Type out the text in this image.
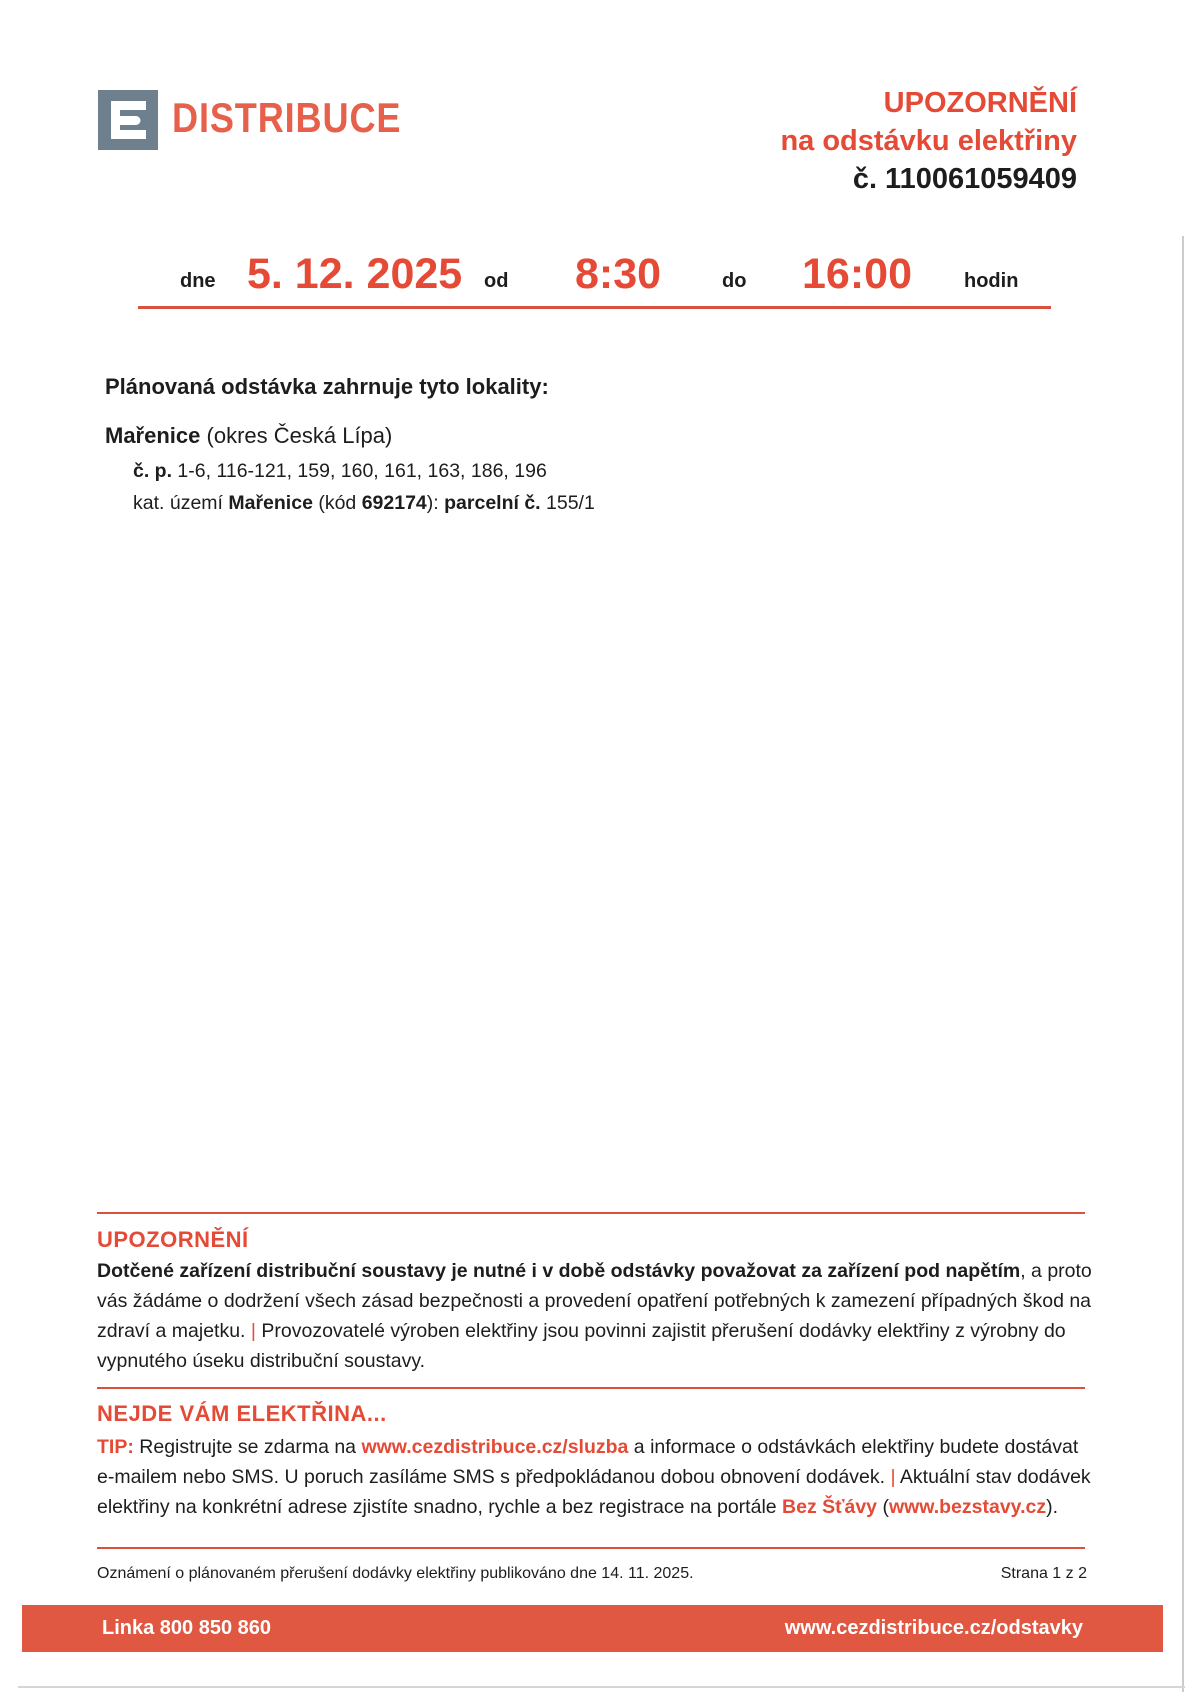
DISTRIBUCE	UPOZORNĚNÍ
na odstávku elektřiny
č. 110061059409
dne 5. 12. 2025 od 8:30	do 16:00	hodin
Plánovaná odstávka zahrnuje tyto lokality:
Mařenice (okres Česká Lípa)
č. p. 1-6, 116-121, 159, 160, 161, 163, 186, 196
kat. území Mařenice (kód 692174): parcelní č. 155/1
UPOZORNĚNÍ
Dotčené zařízení distribuční soustavy je nutné i v době odstávky považovat za zařízení pod napětím, a proto
vás žádáme o dodržení všech zásad bezpečnosti a provedení opatření potřebných k zamezení případných škod na
zdraví a majetku. | Provozovatelé výroben elektřiny jsou povinni zajistit přerušení dodávky elektřiny z výrobny do
vypnutého úseku distribuční soustavy.
NEJDE VÁM ELEKTŘINA...
TIP: Registrujte se zdarma na www.cezdistribuce.cz/sluzba a informace o odstávkách elektřiny budete dostávat
e-mailem nebo SMS. U poruch zasíláme SMS s předpokládanou dobou obnovení dodávek. | Aktuální stav dodávek
elektřiny na konkrétní adrese zjistíte snadno, rychle a bez registrace na portále Bez Šťávy (www.bezstavy.cz).
Oznámení o plánovaném přerušení dodávky elektřiny publikováno dne 14. 11. 2025.	Strana 1 z 2
Linka 800 850 860	www.cezdistribuce.cz/odstavky
